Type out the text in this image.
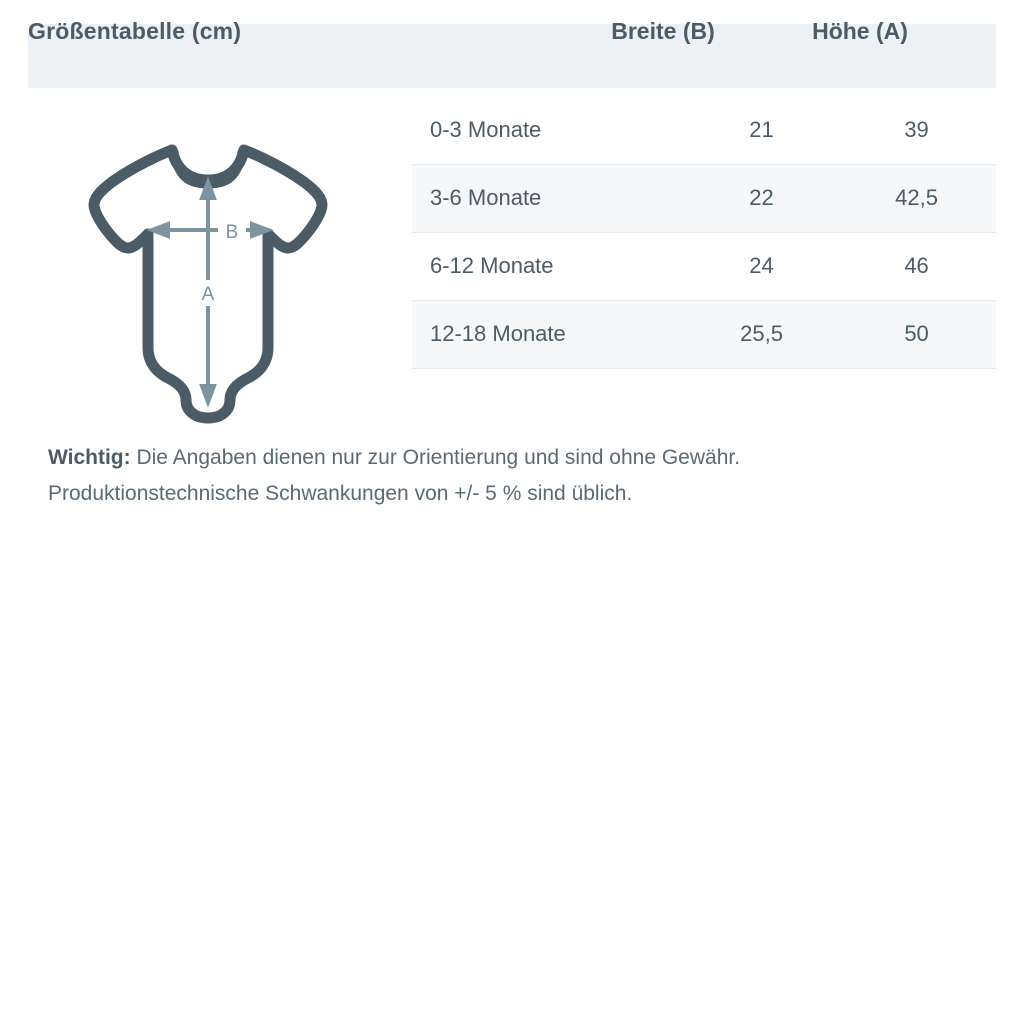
Größentabelle (cm)	Breite (B)	Höhe (A)
A
B
0-3 Monate	21	39
3-6 Monate	22	42,5
6-12 Monate	24	46
12-18 Monate	25,5	50
Wichtig: Die Angaben dienen nur zur Orientierung und sind ohne Gewähr.
Produktionstechnische Schwankungen von +/- 5 % sind üblich.
